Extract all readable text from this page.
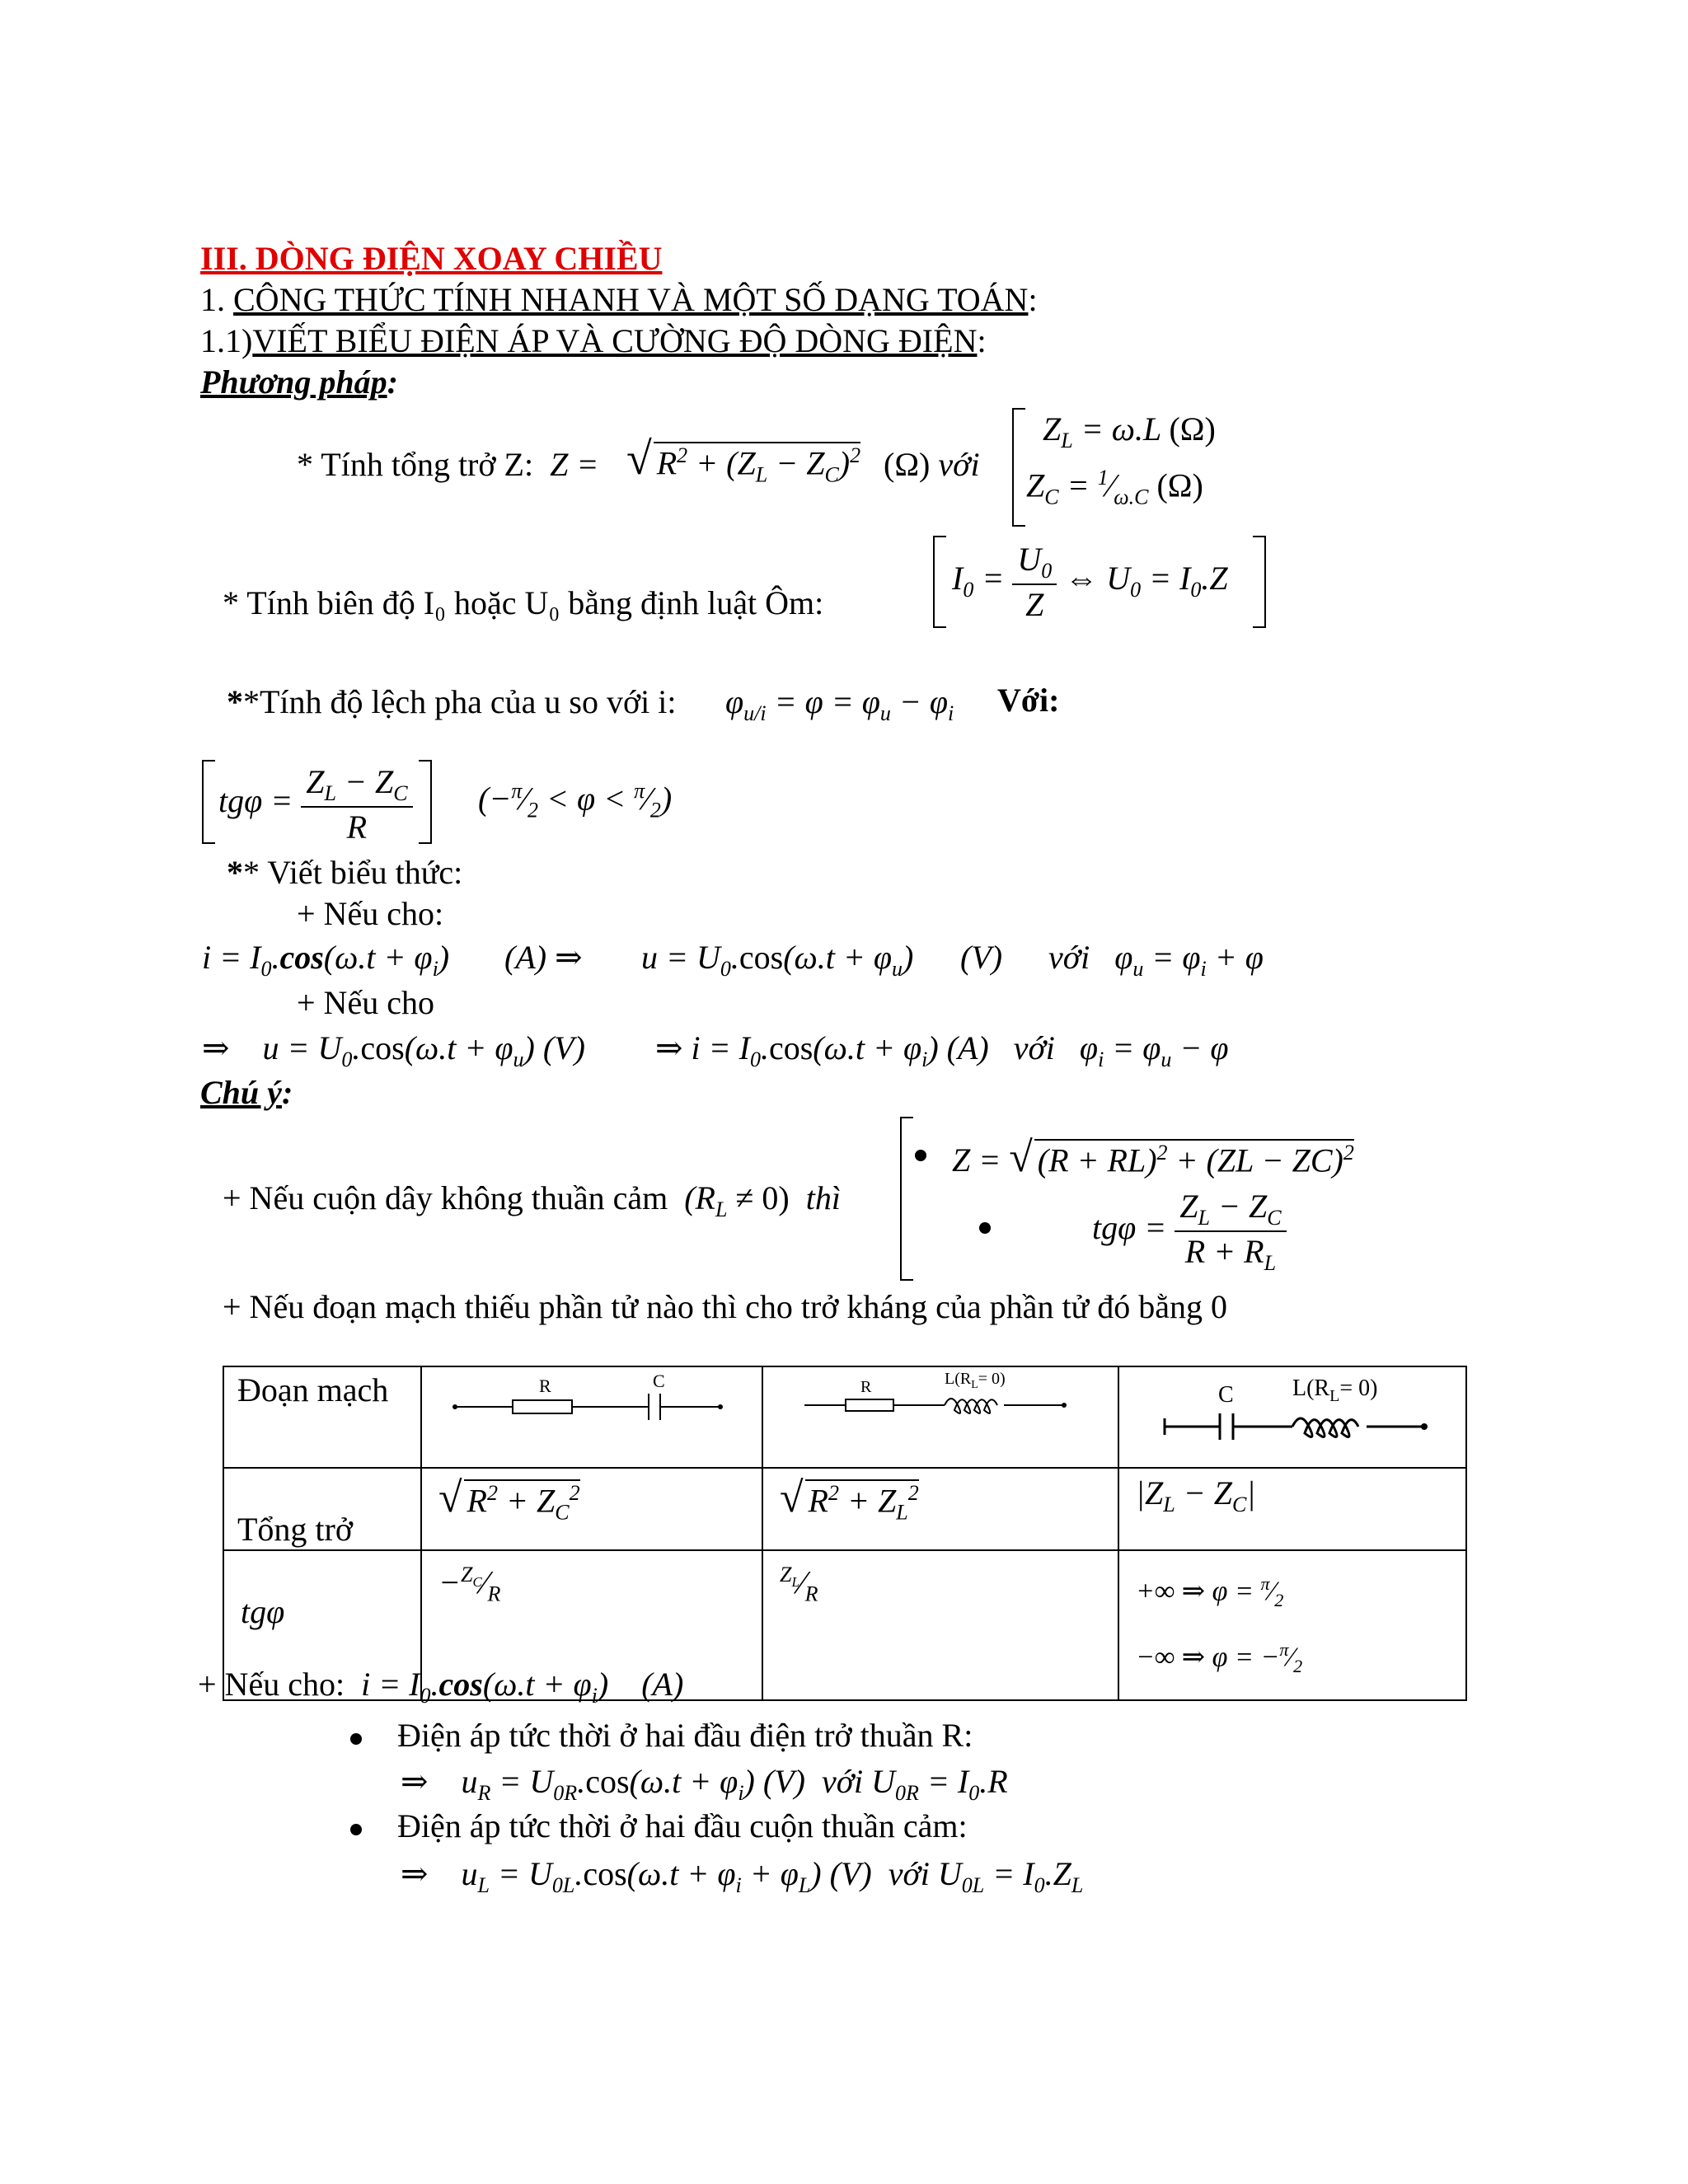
III. DÒNG ĐIỆN XOAY CHIỀU
1. CÔNG THỨC TÍNH NHANH VÀ MỘT SỐ DẠNG TOÁN:
1.1)VIẾT BIỂU ĐIỆN ÁP VÀ CƯỜNG ĐỘ DÒNG ĐIỆN:
Phương pháp:
* Tính tổng trở Z:  Z = √ $R^2 + (Z_L - Z_C)^2$ (Ω) với
$Z_L = \omega.L$ (Ω)
$Z_C$ = $^1⁄_{\omega.C}$ (Ω)
* Tính biên độ I₀ hoặc U₀ bằng định luật Ôm:
$I_0 = \frac{U_0}{Z}$ ⇔ $U_0 = I_0.Z$
**Tính độ lệch pha của u so với i: $\varphi_{u/i} = \varphi = \varphi_u - \varphi_i$ Với:
$tg\varphi = \frac{Z_L - Z_C}{R}$ ($-^\pi⁄_2 < \varphi$ < $^\pi⁄_2$)
** Viết biểu thức:
+ Nếu cho:
$i = I_0.\cos(\omega.t + \varphi_i)$ (A) ⇒ $u = U_0.\cos(\omega.t + \varphi_u)$ (V) với   $\varphi_u = \varphi_i + \varphi$
+ Nếu cho
⇒    $u = U_0.\cos(\omega.t + \varphi_u)$ (V) ⇒ $i = I_0.\cos(\omega.t + \varphi_i)$ (A)   với   $\varphi_i = \varphi_u - \varphi$
Chú ý:
Z = √ (R + RL)$^2$ + (ZL − ZC)$^2$
+ Nếu cuộn dây không thuần cảm $(R_L \ne 0)$ thì
$tg\varphi = \frac{Z_L - Z_C}{R + R_L}$
+ Nếu đoạn mạch thiếu phần tử nào thì cho trở kháng của phần tử đó bằng 0
Đoạn mạch	R C	R $L(R_L= 0)$	C $L(R_L= 0)$

Tổng trở	√ $R^2 + Z_C^2$	√ $R^2 + Z_L^2$	$|Z_L - Z_C|$

tgφ	$-^{Z_C}⁄_R$	$^{Z_L}⁄_R$	+∞ ⇒ $\varphi = ^\pi⁄_2$
−∞ ⇒ $\varphi = -^\pi⁄_2$
+ Nếu cho:  $i = I_0.\cos(\omega.t + \varphi_i)$    (A)
Điện áp tức thời ở hai đầu điện trở thuần R:
⇒ $u_R = U_{0R}.\cos(\omega.t + \varphi_i)$ (V)  với $U_{0R} = I_0.R$
Điện áp tức thời ở hai đầu cuộn thuần cảm:
⇒ $u_L = U_{0L}.\cos(\omega.t + \varphi_i + \varphi_L)$ (V)  với $U_{0L} = I_0.Z_L$
